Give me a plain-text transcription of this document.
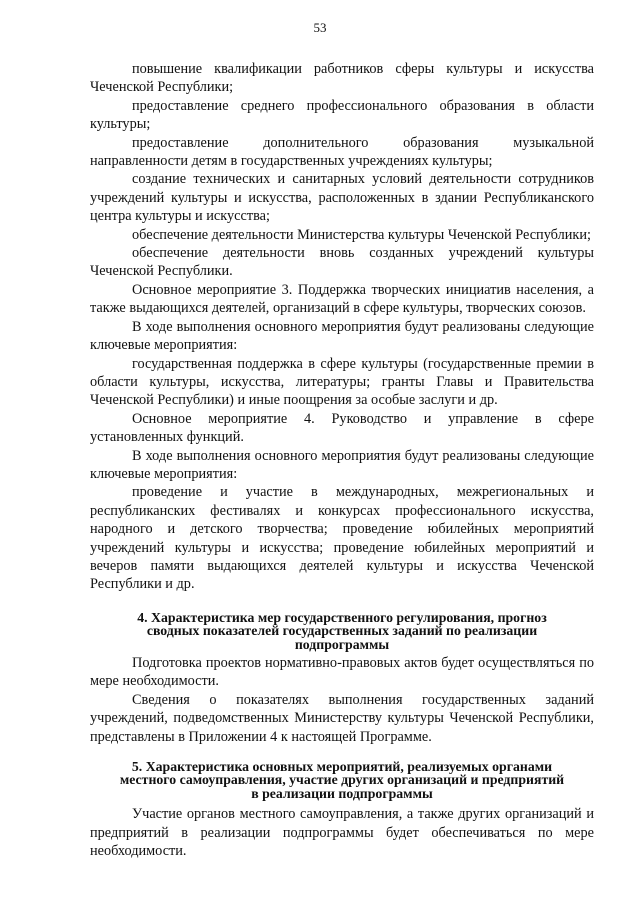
53

повышение квалификации работников сферы культуры и искусства Чеченской Республики;

предоставление среднего профессионального образования в области культуры;

предоставление дополнительного образования музыкальной направленности детям в государственных учреждениях культуры;

создание технических и санитарных условий деятельности сотрудников учреждений культуры и искусства, расположенных в здании Республиканского центра культуры и искусства;

обеспечение деятельности Министерства культуры Чеченской Республики;

обеспечение деятельности вновь созданных учреждений культуры Чеченской Республики.

Основное мероприятие 3. Поддержка творческих инициатив населения, а также выдающихся деятелей, организаций в сфере культуры, творческих союзов.

В ходе выполнения основного мероприятия будут реализованы следующие ключевые мероприятия:

государственная поддержка в сфере культуры (государственные премии в области культуры, искусства, литературы; гранты Главы и Правительства Чеченской Республики) и иные поощрения за особые заслуги и др.

Основное мероприятие 4. Руководство и управление в сфере установленных функций.

В ходе выполнения основного мероприятия будут реализованы следующие ключевые мероприятия:

проведение и участие в международных, межрегиональных и республиканских фестивалях и конкурсах профессионального искусства, народного и детского творчества; проведение юбилейных мероприятий учреждений культуры и искусства; проведение юбилейных мероприятий и вечеров памяти выдающихся деятелей культуры и искусства Чеченской Республики и др.

4. Характеристика мер государственного регулирования, прогноз
сводных показателей государственных заданий по реализации
подпрограммы

Подготовка проектов нормативно-правовых актов будет осуществляться по мере необходимости.

Сведения о показателях выполнения государственных заданий учреждений, подведомственных Министерству культуры Чеченской Республики, представлены в Приложении 4 к настоящей Программе.

5. Характеристика основных мероприятий, реализуемых органами
местного самоуправления, участие других организаций и предприятий
в реализации подпрограммы

Участие органов местного самоуправления, а также других организаций и предприятий в реализации подпрограммы будет обеспечиваться по мере необходимости.
